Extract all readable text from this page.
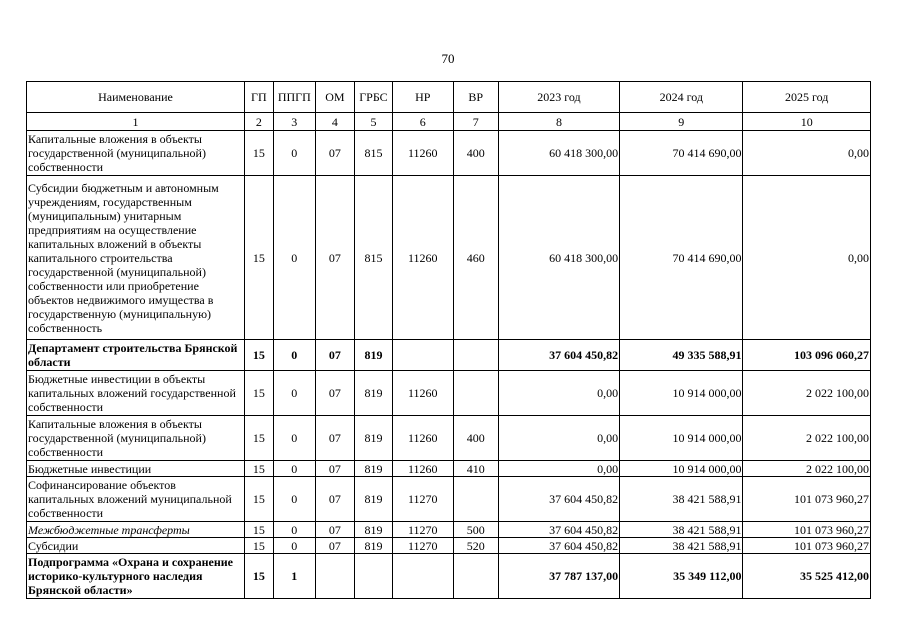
70
Наименование	ГП	ППГП	ОМ	ГРБС	НР	ВР	2023 год	2024 год	2025 год
1	2	3	4	5	6	7	8	9	10
Капитальные вложения в объекты государственной (муниципальной) собственности	15	0	07	815	11260	400	60 418 300,00	70 414 690,00	0,00
Субсидии бюджетным и автономным учреждениям, государственным (муниципальным) унитарным предприятиям на осуществление капитальных вложений в объекты капитального строительства государственной (муниципальной) собственности или приобретение объектов недвижимого имущества в государственную (муниципальную) собственность	15	0	07	815	11260	460	60 418 300,00	70 414 690,00	0,00
Департамент строительства Брянской области	15	0	07	819			37 604 450,82	49 335 588,91	103 096 060,27
Бюджетные инвестиции в объекты капитальных вложений государственной собственности	15	0	07	819	11260		0,00	10 914 000,00	2 022 100,00
Капитальные вложения в объекты государственной (муниципальной) собственности	15	0	07	819	11260	400	0,00	10 914 000,00	2 022 100,00
Бюджетные инвестиции	15	0	07	819	11260	410	0,00	10 914 000,00	2 022 100,00
Софинансирование объектов капитальных вложений муниципальной собственности	15	0	07	819	11270		37 604 450,82	38 421 588,91	101 073 960,27
Межбюджетные трансферты	15	0	07	819	11270	500	37 604 450,82	38 421 588,91	101 073 960,27
Субсидии	15	0	07	819	11270	520	37 604 450,82	38 421 588,91	101 073 960,27
Подпрограмма «Охрана и сохранение историко-культурного наследия Брянской области»	15	1					37 787 137,00	35 349 112,00	35 525 412,00
